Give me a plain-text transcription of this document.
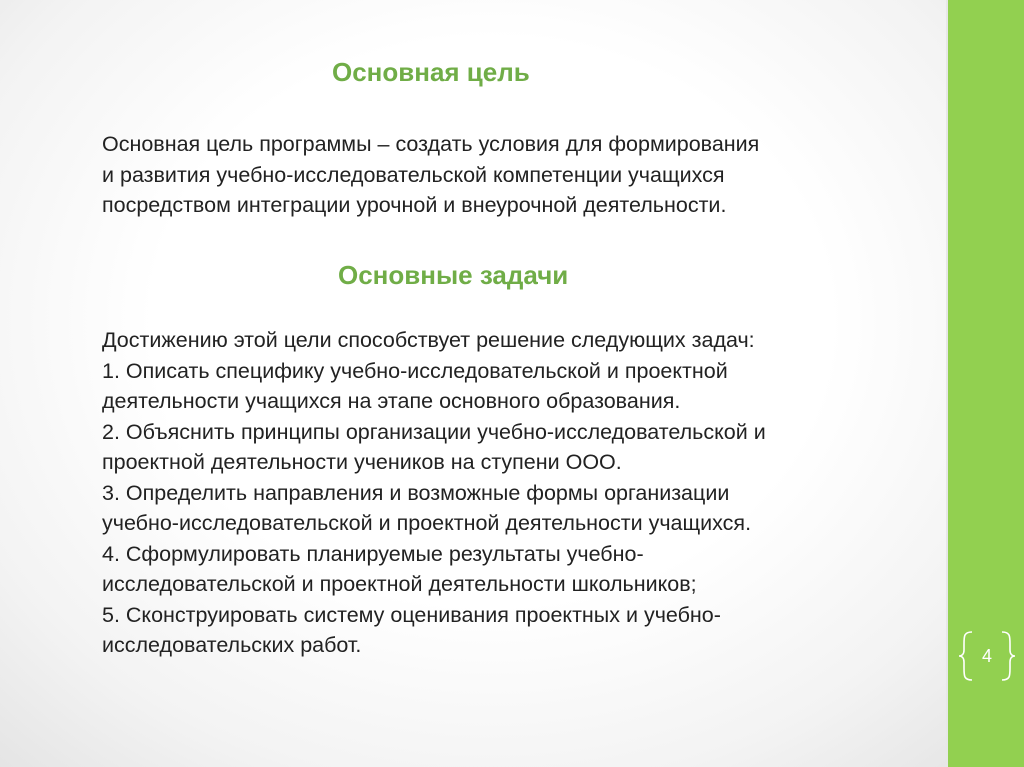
Основная цель

Основная цель программы – создать условия для формирования

и развития учебно-исследовательской компетенции учащихся

посредством интеграции урочной и внеурочной деятельности.

Основные задачи

Достижению этой цели способствует решение следующих задач:

1. Описать специфику учебно-исследовательской и проектной

деятельности учащихся на этапе основного образования.

2. Объяснить принципы организации учебно-исследовательской и

проектной деятельности учеников на ступени ООО.

3. Определить направления и возможные формы организации

учебно-исследовательской и проектной деятельности учащихся.

4. Сформулировать планируемые результаты учебно-

исследовательской и проектной деятельности школьников;

5. Сконструировать систему оценивания проектных и учебно-

исследовательских работ.	4
